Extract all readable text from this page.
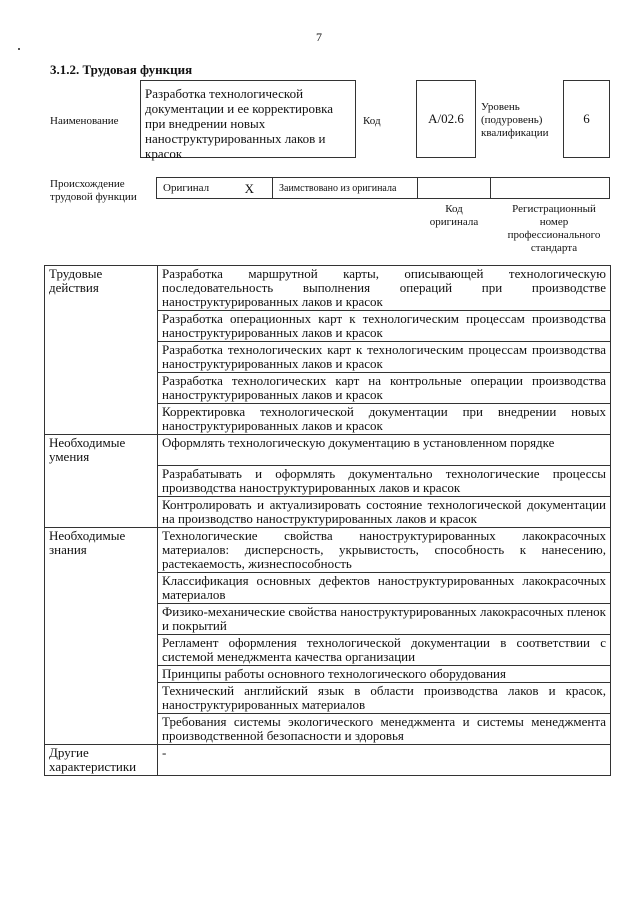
7
3.1.2. Трудовая функция
Наименование
Разработка технологической документации и ее корректировка при внедрении новых наноструктурированных лаков и красок
Код	A/02.6
Уровень (подуровень) квалификации
6
Происхождение трудовой функции
Оригинал	X	Заимствовано из оригинала
Код оригинала
Регистрационный номер профессионального стандарта
Трудовые действия	Разработка маршрутной карты, описывающей технологическую последовательность выполнения операций при производстве наноструктурированных лаков и красок
	Разработка операционных карт к технологическим процессам производства наноструктурированных лаков и красок
	Разработка технологических карт к технологическим процессам производства наноструктурированных лаков и красок
	Разработка технологических карт на контрольные операции производства наноструктурированных лаков и красок
	Корректировка технологической документации при внедрении новых наноструктурированных лаков и красок
Необходимые умения	Оформлять технологическую документацию в установленном порядке
	Разрабатывать и оформлять документально технологические процессы производства наноструктурированных лаков и красок
	Контролировать и актуализировать состояние технологической документации на производство наноструктурированных лаков и красок
Необходимые знания	Технологические свойства наноструктурированных лакокрасочных материалов: дисперсность, укрывистость, способность к нанесению, растекаемость, жизнеспособность
	Классификация основных дефектов наноструктурированных лакокрасочных материалов
	Физико-механические свойства наноструктурированных лакокрасочных пленок и покрытий
	Регламент оформления технологической документации в соответствии с системой менеджмента качества организации
	Принципы работы основного технологического оборудования
	Технический английский язык в области производства лаков и красок, наноструктурированных материалов
	Требования системы экологического менеджмента и системы менеджмента производственной безопасности и здоровья
Другие характеристики	-
